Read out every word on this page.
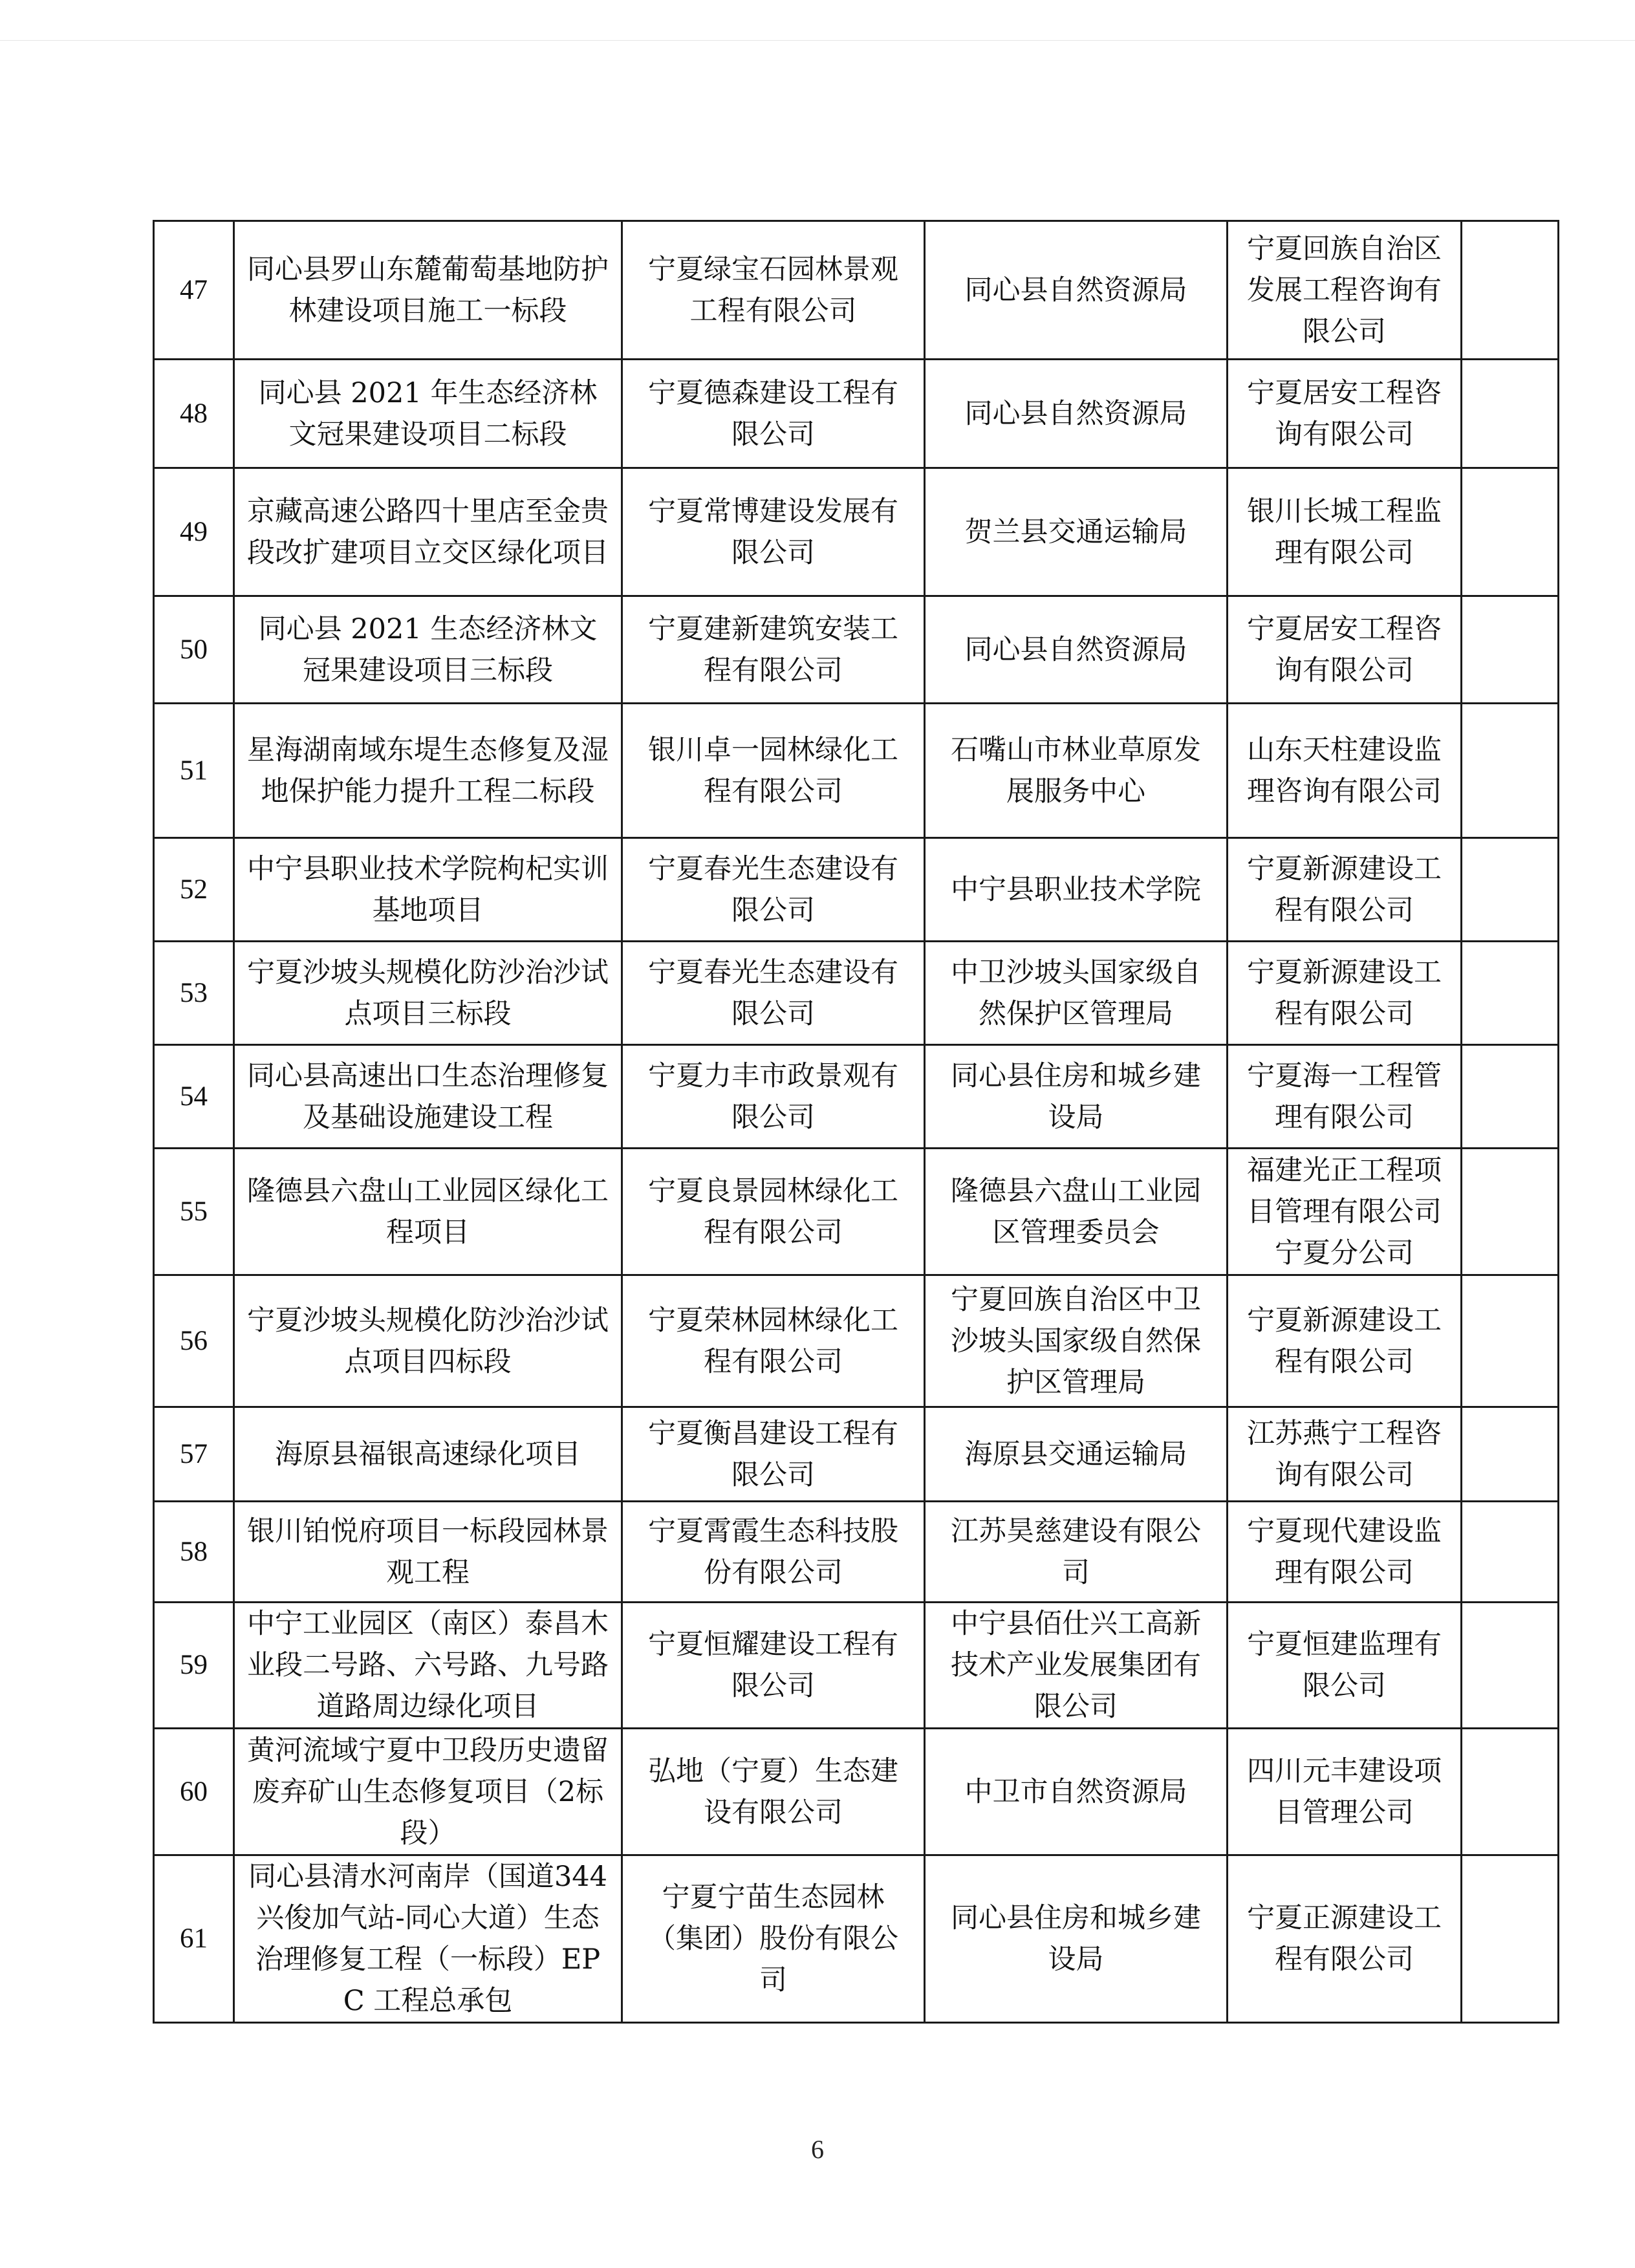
47	同心县罗山东麓葡萄基地防护林建设项目施工一标段	宁夏绿宝石园林景观工程有限公司	同心县自然资源局	宁夏回族自治区发展工程咨询有限公司	

48	同心县 2021 年生态经济林文冠果建设项目二标段	宁夏德森建设工程有限公司	同心县自然资源局	宁夏居安工程咨询有限公司	

49	京藏高速公路四十里店至金贵段改扩建项目立交区绿化项目	宁夏常博建设发展有限公司	贺兰县交通运输局	银川长城工程监理有限公司	

50	同心县 2021 生态经济林文冠果建设项目三标段	宁夏建新建筑安装工程有限公司	同心县自然资源局	宁夏居安工程咨询有限公司	

51	星海湖南域东堤生态修复及湿地保护能力提升工程二标段	银川卓一园林绿化工程有限公司	石嘴山市林业草原发展服务中心	山东天柱建设监理咨询有限公司	

52	中宁县职业技术学院枸杞实训基地项目	宁夏春光生态建设有限公司	中宁县职业技术学院	宁夏新源建设工程有限公司	

53	宁夏沙坡头规模化防沙治沙试点项目三标段	宁夏春光生态建设有限公司	中卫沙坡头国家级自然保护区管理局	宁夏新源建设工程有限公司	

54	同心县高速出口生态治理修复及基础设施建设工程	宁夏力丰市政景观有限公司	同心县住房和城乡建设局	宁夏海一工程管理有限公司	

55	隆德县六盘山工业园区绿化工程项目	宁夏良景园林绿化工程有限公司	隆德县六盘山工业园区管理委员会	福建光正工程项目管理有限公司宁夏分公司	

56	宁夏沙坡头规模化防沙治沙试点项目四标段	宁夏荣林园林绿化工程有限公司	宁夏回族自治区中卫沙坡头国家级自然保护区管理局	宁夏新源建设工程有限公司	

57	海原县福银高速绿化项目	宁夏衡昌建设工程有限公司	海原县交通运输局	江苏燕宁工程咨询有限公司	

58	银川铂悦府项目一标段园林景观工程	宁夏霄霞生态科技股份有限公司	江苏昊慈建设有限公司	宁夏现代建设监理有限公司	

59	中宁工业园区（南区）泰昌木业段二号路、六号路、九号路道路周边绿化项目	宁夏恒耀建设工程有限公司	中宁县佰仕兴工高新技术产业发展集团有限公司	宁夏恒建监理有限公司	

60	黄河流域宁夏中卫段历史遗留废弃矿山生态修复项目（2标段）	弘地（宁夏）生态建设有限公司	中卫市自然资源局	四川元丰建设项目管理公司	

61	同心县清水河南岸（国道344 兴俊加气站-同心大道）生态治理修复工程（一标段）EPC 工程总承包	宁夏宁苗生态园林（集团）股份有限公司	同心县住房和城乡建设局	宁夏正源建设工程有限公司	

6
